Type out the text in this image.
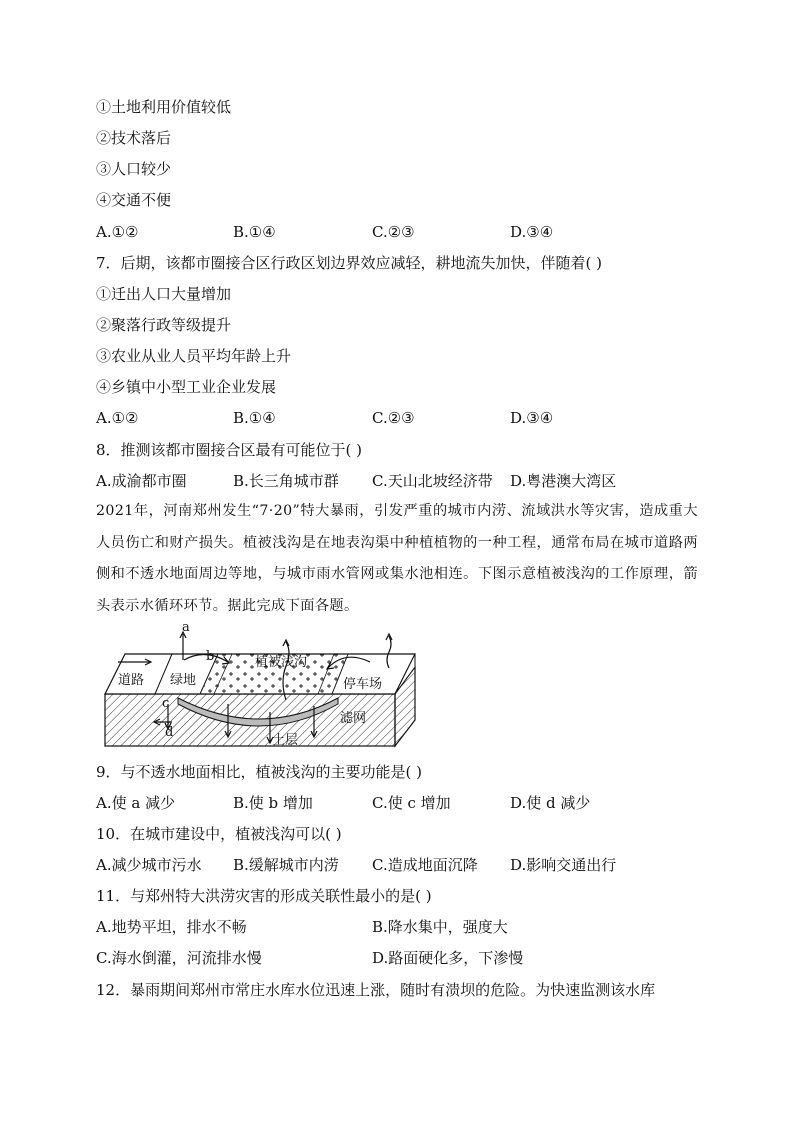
①土地利用价值较低
②技术落后
③人口较少
④交通不便
A.①②	B.①④	C.②③	D.③④
7．后期，该都市圈接合区行政区划边界效应减轻，耕地流失加快，伴随着( )
①迁出人口大量增加
②聚落行政等级提升
③农业从业人员平均年龄上升
④乡镇中小型工业企业发展
A.①②	B.①④	C.②③	D.③④
8．推测该都市圈接合区最有可能位于( )
A.成渝都市圈	B.长三角城市群 C.天山北坡经济带 D.粤港澳大湾区
2021年，河南郑州发生“7·20”特大暴雨，引发严重的城市内涝、流域洪水等灾害，造成重大人员伤亡和财产损失。植被浅沟是在地表沟渠中种植植物的一种工程，通常布局在城市道路两侧和不透水地面周边等地，与城市雨水管网或集水池相连。下图示意植被浅沟的工作原理，箭头表示水循环环节。据此完成下面各题。
a
b
c
d
道路 绿地
植被浅沟
停车场
滤网
土层
9．与不透水地面相比，植被浅沟的主要功能是( )
A.使 a 减少	B.使 b 增加	C.使 c 增加	D.使 d 减少
10．在城市建设中，植被浅沟可以( )
A.减少城市污水 B.缓解城市内涝 C.造成地面沉降 D.影响交通出行
11．与郑州特大洪涝灾害的形成关联性最小的是( )
A.地势平坦，排水不畅	B.降水集中，强度大
C.海水倒灌，河流排水慢	D.路面硬化多，下渗慢
12．暴雨期间郑州市常庄水库水位迅速上涨，随时有溃坝的危险。为快速监测该水库
